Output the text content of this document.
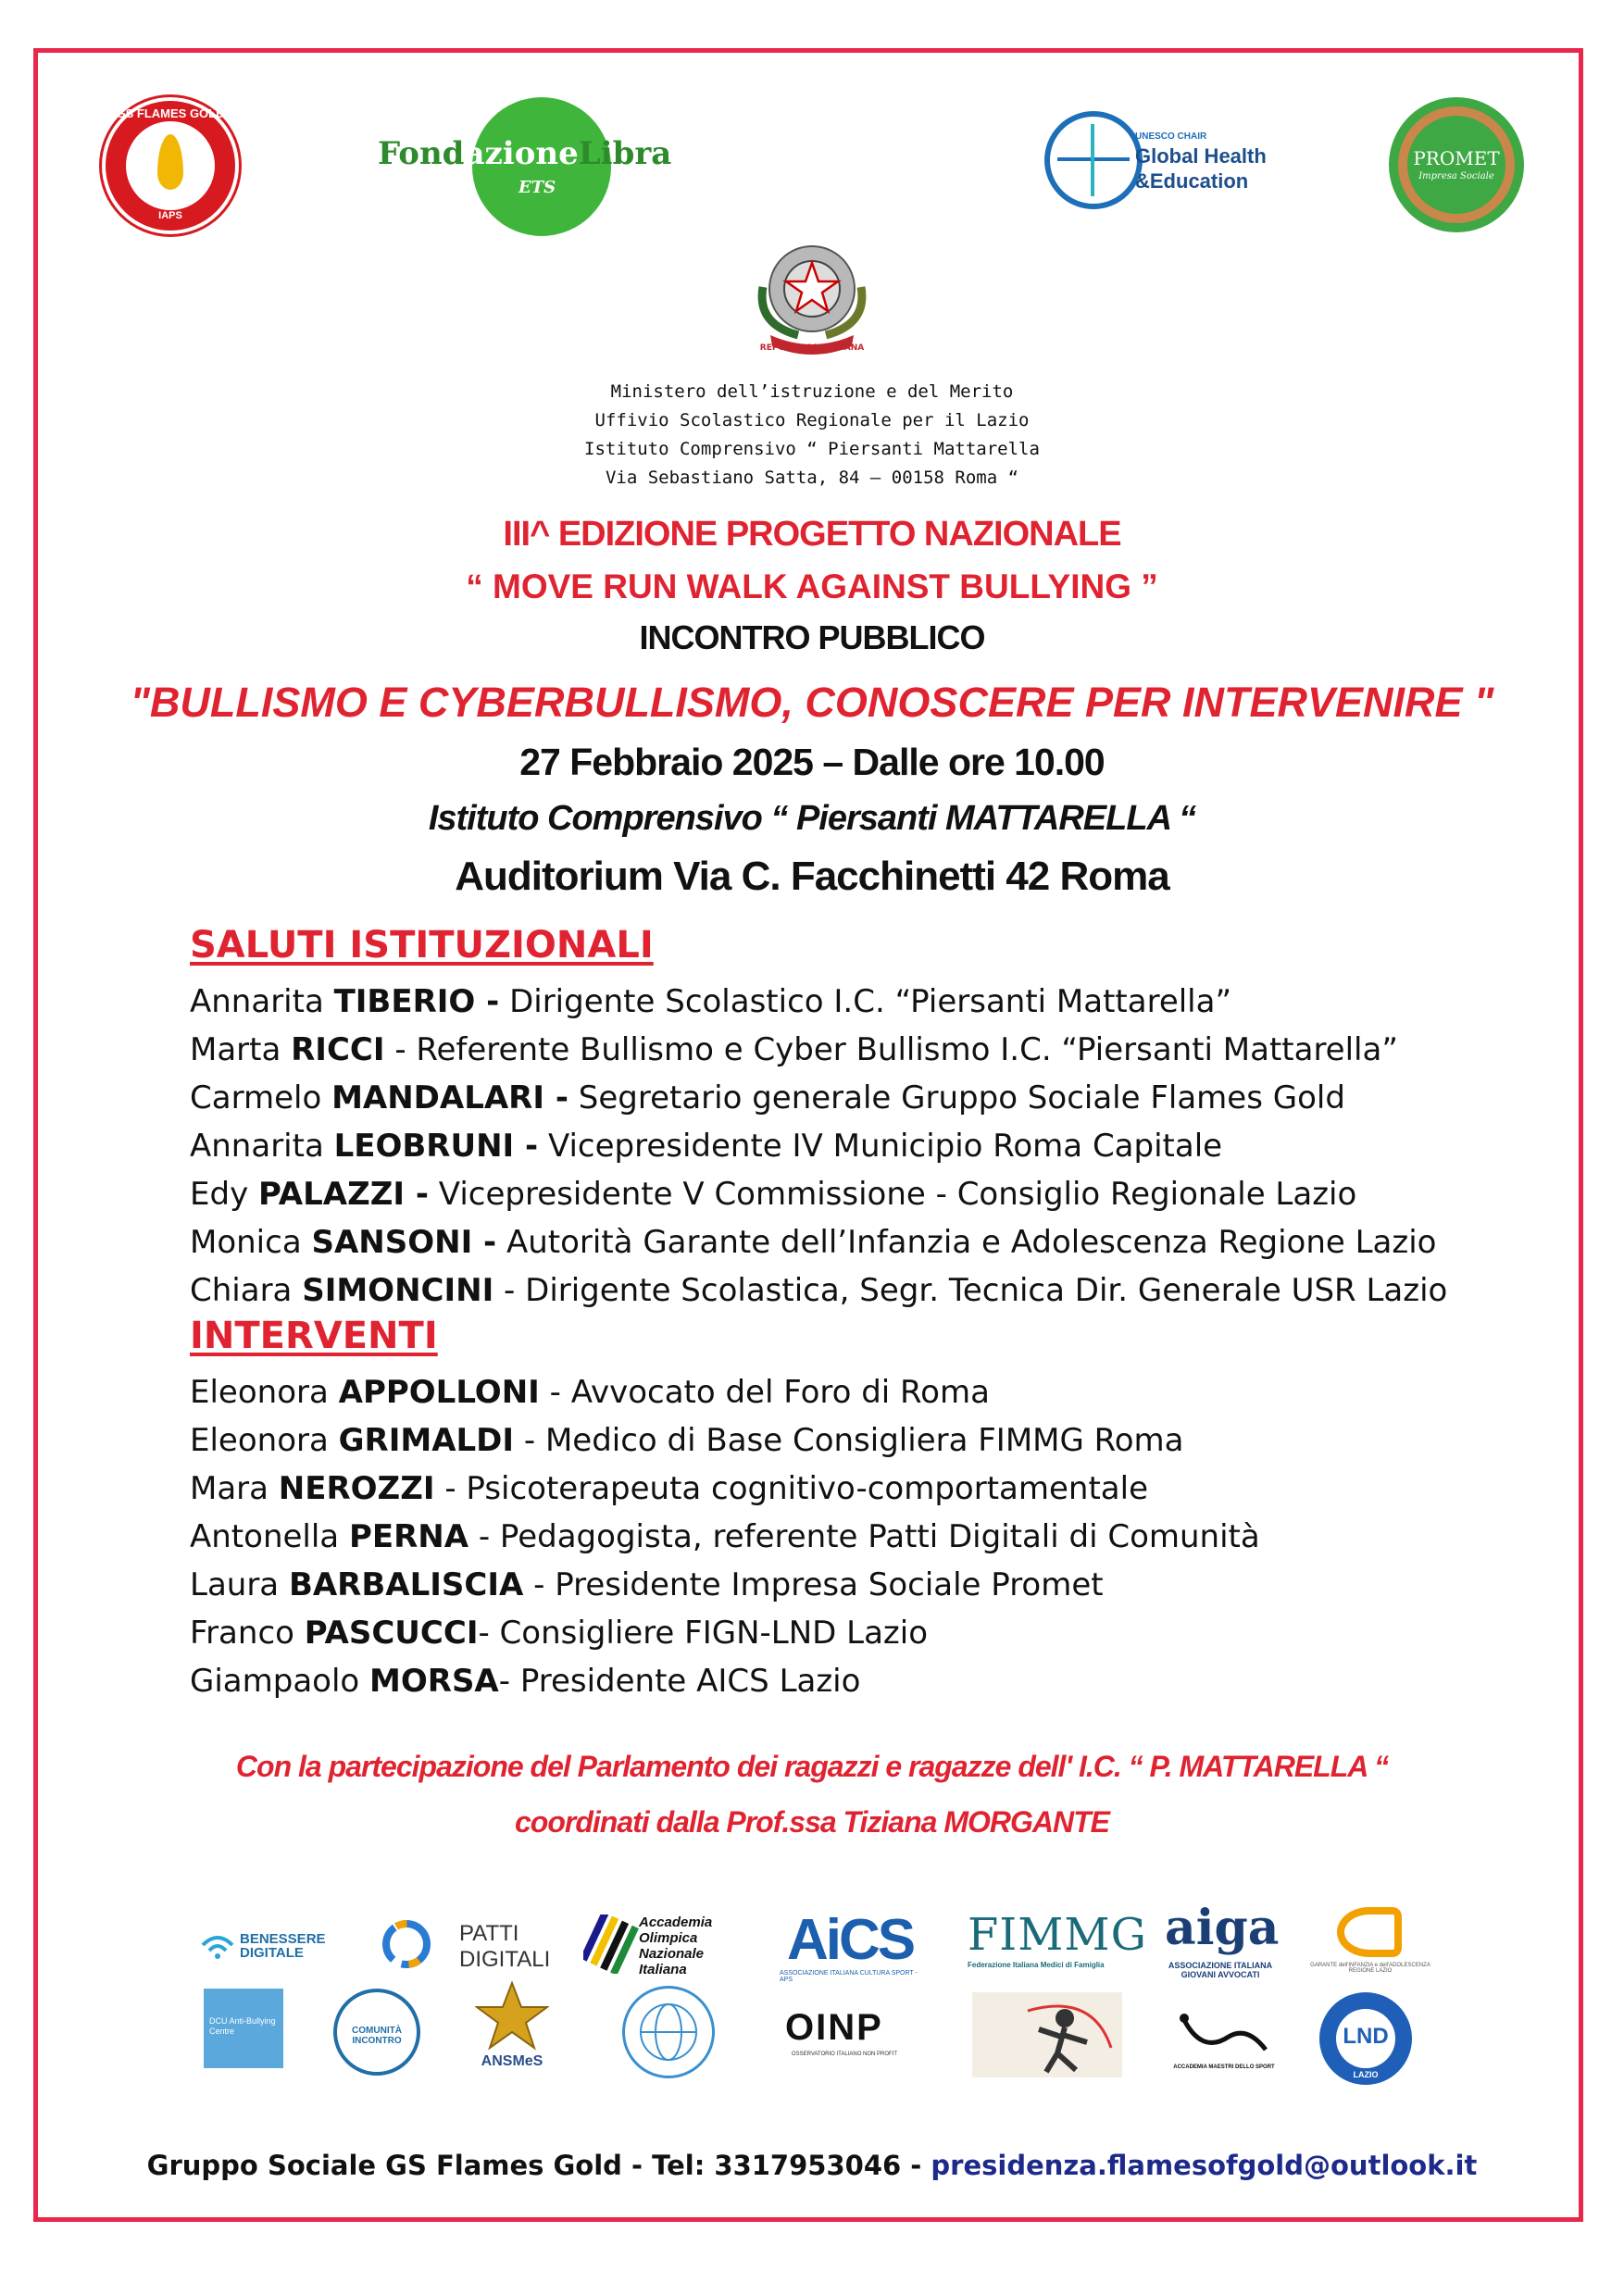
GS FLAMES GOLD
IAPS
FondazioneLibra
ETS
UNESCO CHAIR
Global Health
&Education
PROMET
Impresa Sociale
REPVBBLICA ITALIANA
Ministero dell’istruzione e del Merito
Uffivio Scolastico Regionale per il Lazio
Istituto Comprensivo “ Piersanti Mattarella
Via Sebastiano Satta, 84 – 00158 Roma “
III^ EDIZIONE PROGETTO NAZIONALE
“ MOVE RUN WALK AGAINST BULLYING ”
INCONTRO PUBBLICO
"BULLISMO E CYBERBULLISMO, CONOSCERE PER INTERVENIRE "
27 Febbraio 2025 – Dalle ore 10.00
Istituto Comprensivo “ Piersanti MATTARELLA “
Auditorium Via C. Facchinetti 42 Roma
SALUTI ISTITUZIONALI
Annarita TIBERIO - Dirigente Scolastico I.C. “Piersanti Mattarella”
Marta RICCI - Referente Bullismo e Cyber Bullismo I.C. “Piersanti Mattarella”
Carmelo MANDALARI - Segretario generale Gruppo Sociale Flames Gold
Annarita LEOBRUNI - Vicepresidente IV Municipio Roma Capitale
Edy PALAZZI - Vicepresidente V Commissione - Consiglio Regionale Lazio
Monica SANSONI - Autorità Garante dell’Infanzia e Adolescenza Regione Lazio
Chiara SIMONCINI - Dirigente Scolastica, Segr. Tecnica Dir. Generale USR Lazio
INTERVENTI
Eleonora APPOLLONI - Avvocato del Foro di Roma
Eleonora GRIMALDI - Medico di Base Consigliera FIMMG Roma
Mara NEROZZI - Psicoterapeuta cognitivo-comportamentale
Antonella PERNA - Pedagogista, referente Patti Digitali di Comunità
Laura BARBALISCIA - Presidente Impresa Sociale Promet
Franco PASCUCCI- Consigliere FIGN-LND Lazio
Giampaolo MORSA- Presidente AICS Lazio
Con la partecipazione del Parlamento dei ragazzi e ragazze dell' I.C. “ P. MATTARELLA “
coordinati dalla Prof.ssa Tiziana MORGANTE
BENESSERE DIGITALE
PATTI
DIGITALI
Accademia Olimpica Nazionale Italiana	AiCS
ASSOCIAZIONE ITALIANA CULTURA SPORT - APS
FIMMG
Federazione Italiana Medici di Famiglia
aiga
ASSOCIAZIONE ITALIANA GIOVANI AVVOCATI
GARANTE dell'INFANZIA e dell'ADOLESCENZA REGIONE LAZIO
DCU Anti-Bullying Centre	COMUNITÀ INCONTRO
ANSMeS
OINP
OSSERVATORIO ITALIANO NON PROFIT
ACCADEMIA MAESTRI DELLO SPORT
LND
LAZIO
Gruppo Sociale GS Flames Gold - Tel: 3317953046 - presidenza.flamesofgold@outlook.it
